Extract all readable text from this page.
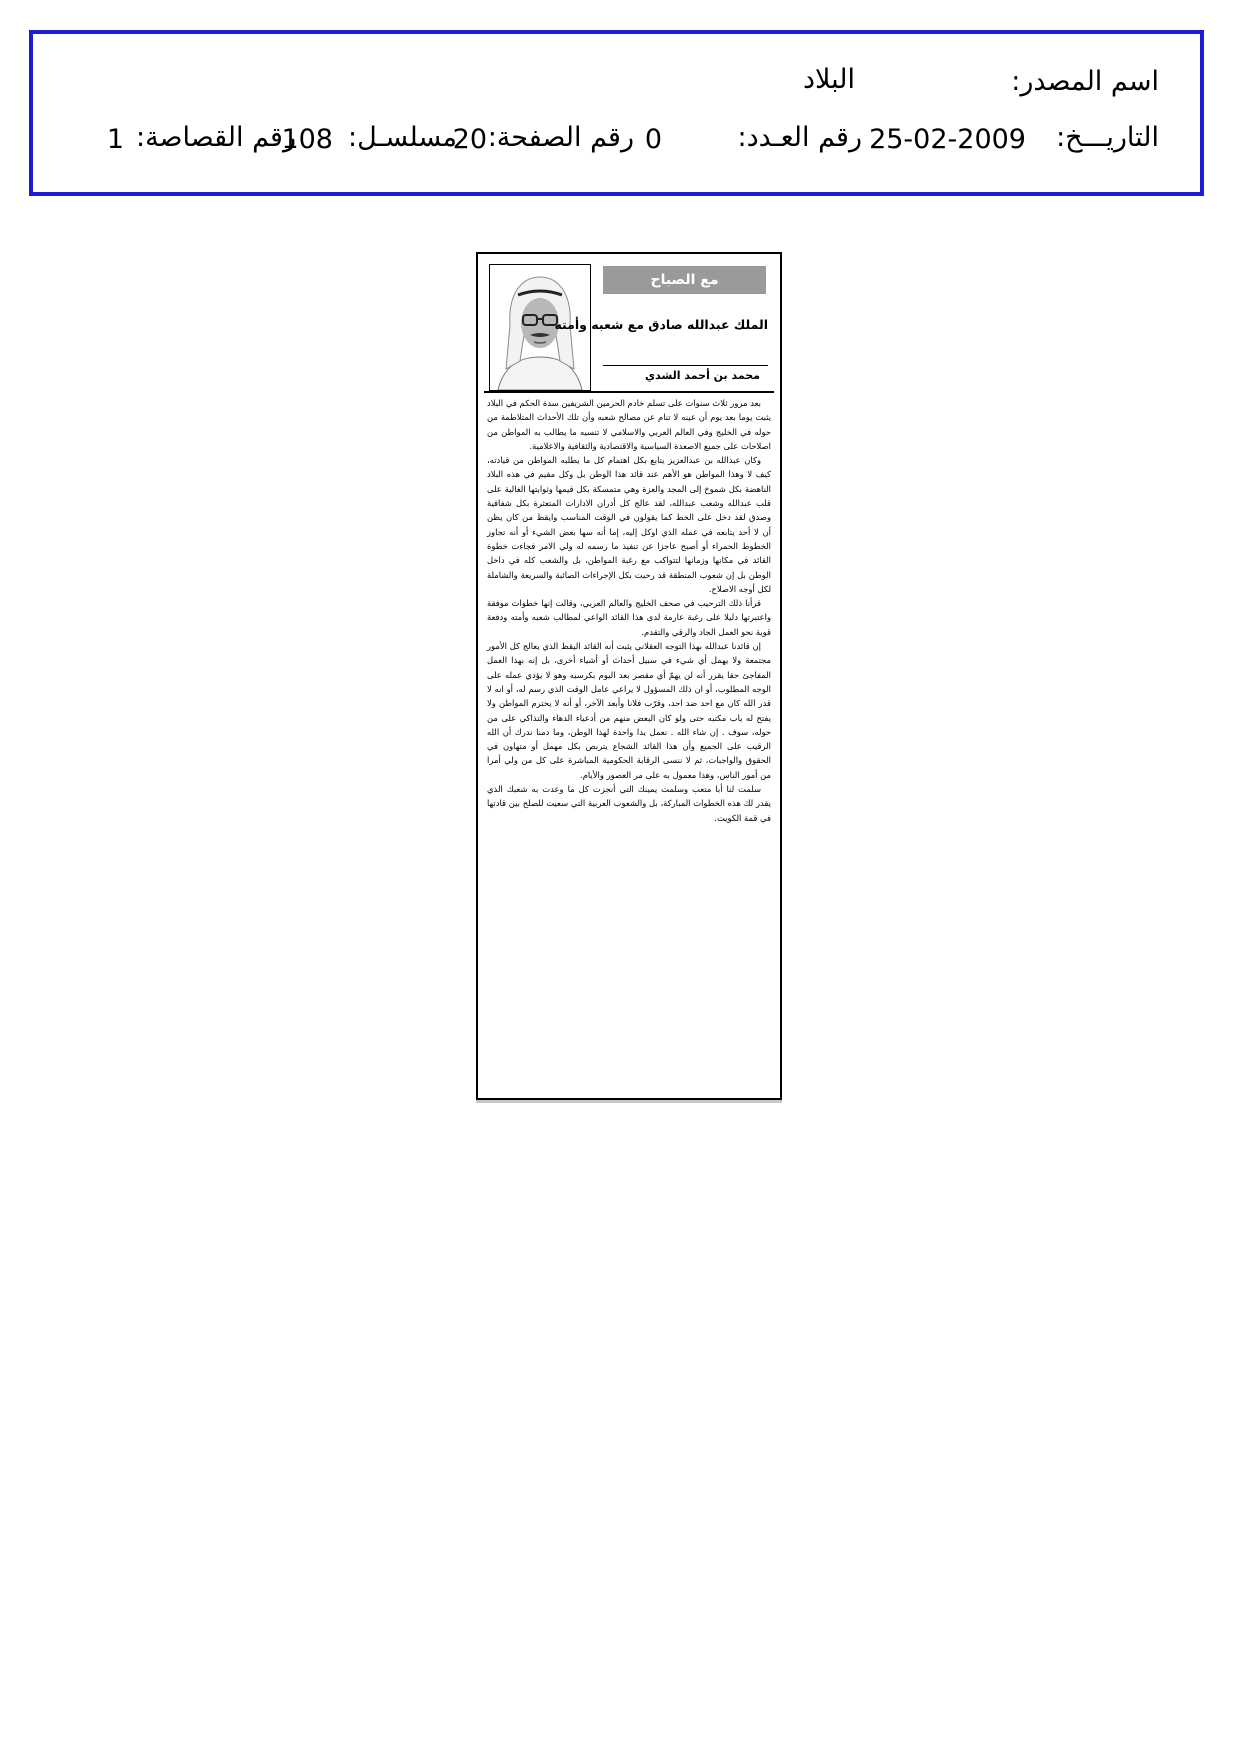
اسم المصدر:
البلاد
التاريـــخ:
25-02-2009
رقم العـدد:
0
رقم الصفحة:
20
مسلسـل:
108
رقم القصاصة:
1
مع الصباح
الملك عبدالله صادق مع شعبه وأمته
محمد بن أحمد الشدي

بعد مرور ثلاث سنوات على تسلم خادم الحرمين الشريفين سدة الحكم في البلاد يثبت يوما بعد يوم أن عينه لا تنام عن مصالح شعبه وأن تلك الأحداث المتلاطمة من حوله في الخليج وفي العالم العربي والاسلامي لا تنسيه ما يطالب به المواطن من اصلاحات على جميع الاصعدة السياسية والاقتصادية والثقافية والاعلامية.

وكان عبدالله بن عبدالعزيز يتابع بكل اهتمام كل ما يطلبه المواطن من قيادته، كيف لا وهذا المواطن هو الأهم عند قائد هذا الوطن بل وكل مقيم في هذه البلاد الناهضة بكل شموخ إلى المجد والعزة وهي متمسكة بكل قيمها وثوابتها الغالية على قلب عبدالله وشعب عبدالله، لقد عالج كل أدران الادارات المتعثرة بكل شفافية وصدق لقد دخل على الخط كما يقولون في الوقت المناسب وايقظ من كان يظن أن لا أحد يتابعه في عمله الذي اوكل إليه، إما أنه سها بعض الشيء أو أنه تجاوز الخطوط الحمراء أو أصبح عاجزا عن تنفيذ ما رسمه له ولي الامر فجاءت خطوة القائد في مكانها وزمانها لتتواكب مع رغبة المواطن، بل والشعب كله في داخل الوطن بل إن شعوب المنطقة قد رحبت بكل الإجراءات الصائبة والسريعة والشاملة لكل أوجه الاصلاح.

قرأنا ذلك الترحيب في صحف الخليج والعالم العربي، وقالت إنها خطوات موفقة واعتبرتها دليلا على رغبة عارمة لدى هذا القائد الواعي لمطالب شعبه وأمته ودفعة قوية نحو العمل الجاد والرقي والتقدم.

إن قائدنا عبدالله بهذا التوجه العقلاني يثبت أنه القائد اليقظ الذي يعالج كل الأمور مجتمعة ولا يهمل أي شيء في سبيل أحداث أو أشياء أخرى، بل إنه بهذا العمل المفاجئ حقا يقرر أنه لن يهمّ أي مقصر بعد اليوم بكرسيه وهو لا يؤدي عمله على الوجه المطلوب، أو ان ذلك المسؤول لا يراعي عامل الوقت الذي رسم له، أو انه لا قدر الله كان مع احد ضد احد، وقرّب فلانا وأبعد الآخر، أو أنه لا يحترم المواطن ولا يفتح له باب مكتبه حتى ولو كان البعض منهم من أدعياء الدهاء والتذاكي على من حوله، سوف . إن شاء الله . نعمل يدا واحدة لهذا الوطن، وما دمنا ندرك أن الله الرقيب على الجميع وأن هذا القائد الشجاع يتربص بكل مهمل أو متهاون في الحقوق والواجبات، ثم لا ننسى الرقابة الحكومية المباشرة على كل من ولي أمرا من أمور الناس، وهذا معمول به على مر العصور والأيام.

سلمت لنا أبا متعب وسلمت يمينك التي أنجزت كل ما وعدت به شعبك الذي يقدر لك هذه الخطوات المباركة، بل والشعوب العربية التي سعيت للصلح بين قادتها في قمة الكويت.
